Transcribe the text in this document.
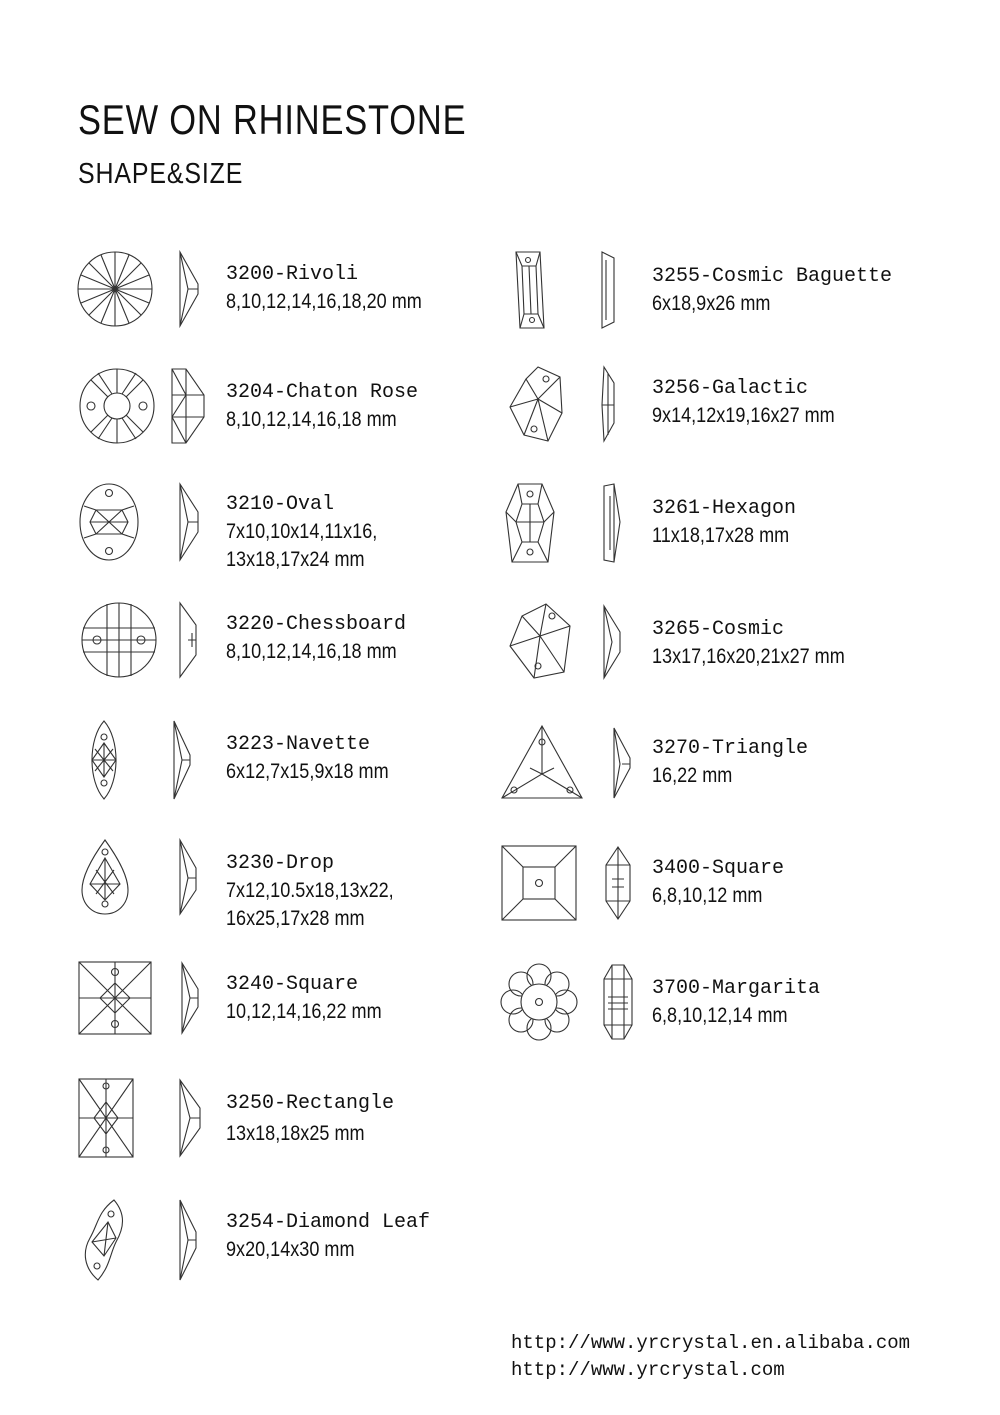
SEW ON RHINESTONE
SHAPE&SIZE
3200-Rivoli
8,10,12,14,16,18,20 mm
3204-Chaton Rose
8,10,12,14,16,18 mm
3210-Oval
7x10,10x14,11x16,
13x18,17x24 mm
3220-Chessboard
8,10,12,14,16,18 mm
3223-Navette
6x12,7x15,9x18 mm
3230-Drop
7x12,10.5x18,13x22,
16x25,17x28 mm
3240-Square
10,12,14,16,22 mm
3250-Rectangle
13x18,18x25 mm
3254-Diamond Leaf
9x20,14x30 mm
3255-Cosmic Baguette
6x18,9x26 mm
3256-Galactic
9x14,12x19,16x27 mm
3261-Hexagon
11x18,17x28 mm
3265-Cosmic
13x17,16x20,21x27 mm
3270-Triangle
16,22 mm
3400-Square
6,8,10,12 mm
3700-Margarita
6,8,10,12,14 mm
http://www.yrcrystal.en.alibaba.com
http://www.yrcrystal.com
